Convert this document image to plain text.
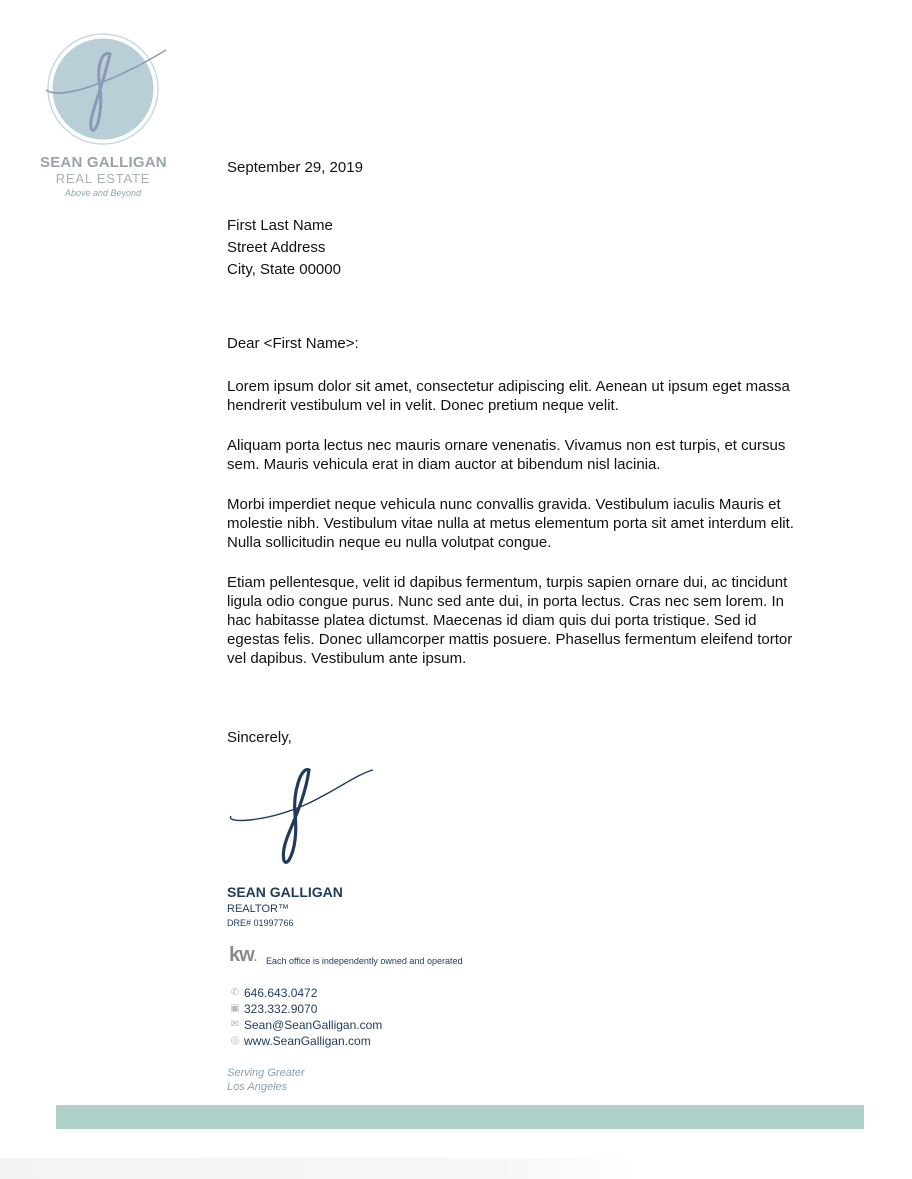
SEAN GALLIGAN
REAL ESTATE
Above and Beyond
September 29, 2019
First Last Name
Street Address
City, State 00000
Dear <First Name>:
Lorem ipsum dolor sit amet, consectetur adipiscing elit. Aenean ut ipsum eget massa hendrerit vestibulum vel in velit. Donec pretium neque velit.
Aliquam porta lectus nec mauris ornare venenatis. Vivamus non est turpis, et cursus sem. Mauris vehicula erat in diam auctor at bibendum nisl lacinia.
Morbi imperdiet neque vehicula nunc convallis gravida. Vestibulum iaculis Mauris et molestie nibh. Vestibulum vitae nulla at metus elementum porta sit amet interdum elit. Nulla sollicitudin neque eu nulla volutpat congue.
Etiam pellentesque, velit id dapibus fermentum, turpis sapien ornare dui, ac tincidunt ligula odio congue purus. Nunc sed ante dui, in porta lectus. Cras nec sem lorem. In hac habitasse platea dictumst. Maecenas id diam quis dui porta tristique. Sed id egestas felis. Donec ullamcorper mattis posuere. Phasellus fermentum eleifend tortor vel dapibus. Vestibulum ante ipsum.
Sincerely,
SEAN GALLIGAN
REALTOR™
DRE# 01997766
kw. Each office is independently owned and operated
✆ 646.643.0472
▣ 323.332.9070
✉ Sean@SeanGalligan.com
◎ www.SeanGalligan.com
Serving Greater
Los Angeles
